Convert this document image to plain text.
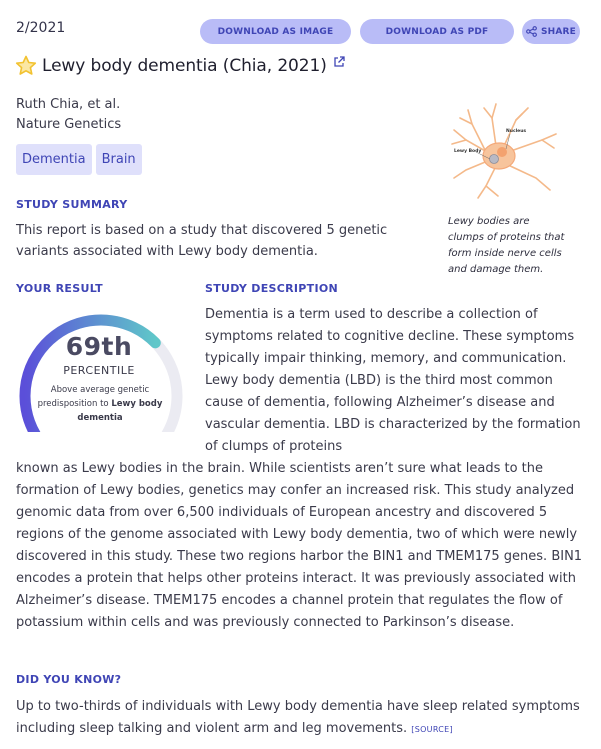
2/2021	DOWNLOAD AS IMAGE	DOWNLOAD AS PDF	SHARE
Lewy body dementia (Chia, 2021)
Ruth Chia, et al.
Nature Genetics
Dementia	Brain
Nucleus
Lewy Body
Lewy bodies are clumps of proteins that form inside nerve cells and damage them.
STUDY SUMMARY
This report is based on a study that discovered 5 genetic variants associated with Lewy body dementia.
YOUR RESULT	STUDY DESCRIPTION
69th
PERCENTILE
Above average genetic predisposition to Lewy body dementia
Dementia is a term used to describe a collection of symptoms related to cognitive decline. These symptoms typically impair thinking, memory, and communication. Lewy body dementia (LBD) is the third most common cause of dementia, following Alzheimer’s disease and vascular dementia. LBD is characterized by the formation of clumps of proteins
known as Lewy bodies in the brain. While scientists aren’t sure what leads to the formation of Lewy bodies, genetics may confer an increased risk. This study analyzed genomic data from over 6,500 individuals of European ancestry and discovered 5 regions of the genome associated with Lewy body dementia, two of which were newly discovered in this study. These two regions harbor the BIN1 and TMEM175 genes. BIN1 encodes a protein that helps other proteins interact. It was previously associated with Alzheimer’s disease. TMEM175 encodes a channel protein that regulates the flow of potassium within cells and was previously connected to Parkinson’s disease.
DID YOU KNOW?
Up to two-thirds of individuals with Lewy body dementia have sleep related symptoms including sleep talking and violent arm and leg movements. [SOURCE]
